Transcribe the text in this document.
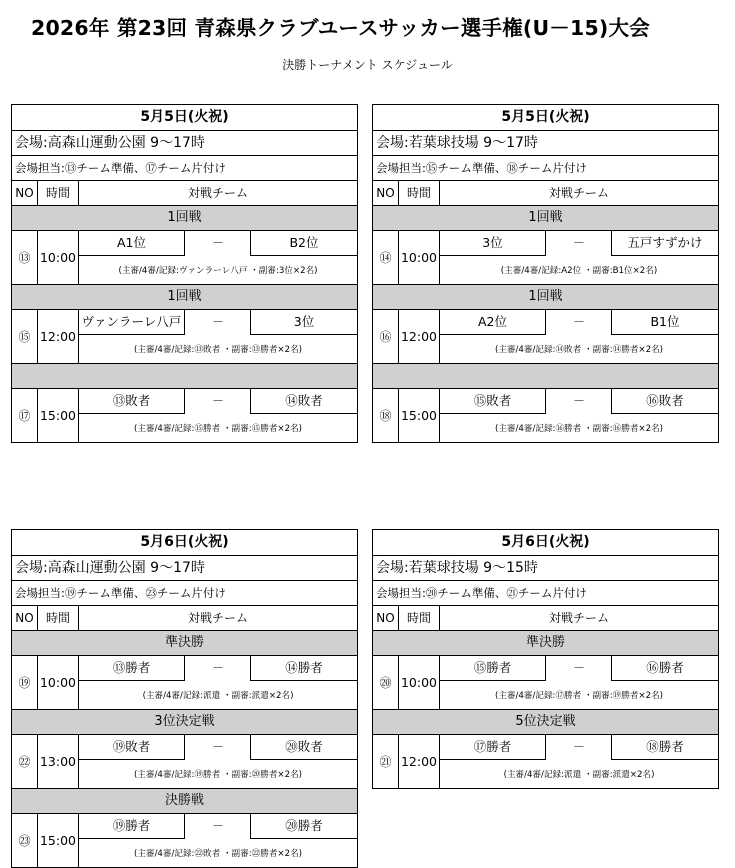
2026年 第23回 青森県クラブユースサッカー選手権(U－15)大会
決勝トーナメント スケジュール
5月5日(火祝)
会場:高森山運動公園 9～17時
会場担当:⑬チーム準備、⑰チーム片付け
NO	時間	対戦チーム
1回戦
⑬ 10:00
A1位	－	B2位
(主審/4審/記録:ヴァンラーレ八戸 ・副審:3位×2名)
1回戦
⑮ 12:00
ヴァンラーレ八戸	－	3位
(主審/4審/記録:⑬敗者 ・副審:⑬勝者×2名)
⑰ 15:00
⑬敗者	－	⑭敗者
(主審/4審/記録:⑮勝者 ・副審:⑮勝者×2名)
5月5日(火祝)
会場:若葉球技場 9～17時
会場担当:⑮チーム準備、⑱チーム片付け
NO	時間	対戦チーム
1回戦
⑭ 10:00
3位	－	五戸すずかけ
(主審/4審/記録:A2位 ・副審:B1位×2名)
1回戦
⑯ 12:00
A2位	－	B1位
(主審/4審/記録:⑭敗者 ・副審:⑭勝者×2名)
⑱ 15:00
⑮敗者	－	⑯敗者
(主審/4審/記録:⑯勝者 ・副審:⑯勝者×2名)
5月6日(火祝)
会場:高森山運動公園 9～17時
会場担当:⑲チーム準備、㉓チーム片付け
NO	時間	対戦チーム
準決勝
⑲ 10:00
⑬勝者	－	⑭勝者
(主審/4審/記録:派遣 ・副審:派遣×2名)
3位決定戦
㉒ 13:00
⑲敗者	－	⑳敗者
(主審/4審/記録:⑲勝者 ・副審:⑳勝者×2名)
決勝戦
㉓ 15:00
⑲勝者	－	⑳勝者
(主審/4審/記録:㉒敗者 ・副審:㉒勝者×2名)
5月6日(火祝)
会場:若葉球技場 9～15時
会場担当:⑳チーム準備、㉑チーム片付け
NO	時間	対戦チーム
準決勝
⑳ 10:00
⑮勝者	－	⑯勝者
(主審/4審/記録:⑰勝者 ・副審:⑲勝者×2名)
5位決定戦
㉑ 12:00
⑰勝者	－	⑱勝者
(主審/4審/記録:派遣 ・副審:派遣×2名)
